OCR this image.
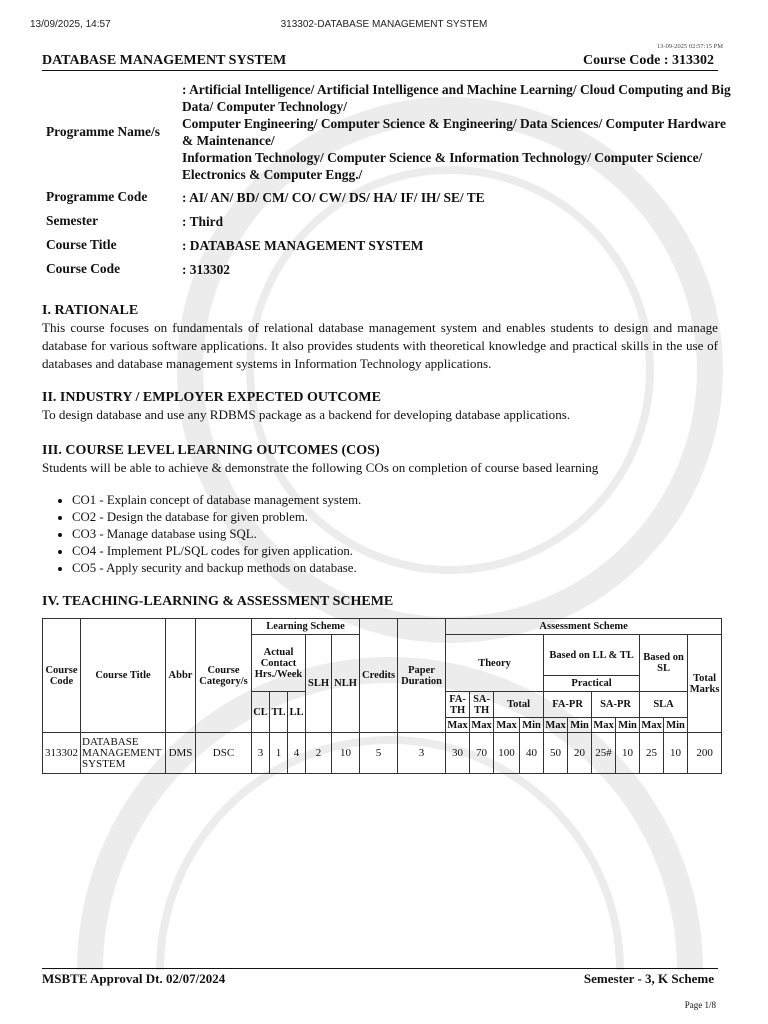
13/09/2025, 14:57	313302-DATABASE MANAGEMENT SYSTEM
13-09-2025 02:57:15 PM
DATABASE MANAGEMENT SYSTEM	Course Code : 313302
Programme Name/s
: Artificial Intelligence/ Artificial Intelligence and Machine Learning/ Cloud Computing and Big Data/ Computer Technology/
Computer Engineering/ Computer Science & Engineering/ Data Sciences/ Computer Hardware & Maintenance/
Information Technology/ Computer Science & Information Technology/ Computer Science/ Electronics & Computer Engg./
Programme Code	: AI/ AN/ BD/ CM/ CO/ CW/ DS/ HA/ IF/ IH/ SE/ TE
Semester	: Third
Course Title	: DATABASE MANAGEMENT SYSTEM
Course Code	: 313302
I. RATIONALE
This course focuses on fundamentals of relational database management system and enables students to design and manage database for various software applications. It also provides students with theoretical knowledge and practical skills in the use of databases and database management systems in Information Technology applications.
II. INDUSTRY / EMPLOYER EXPECTED OUTCOME
To design database and use any RDBMS package as a backend for developing database applications.
III. COURSE LEVEL LEARNING OUTCOMES (COS)
Students will be able to achieve & demonstrate the following COs on completion of course based learning
• CO1 - Explain concept of database management system.
• CO2 - Design the database for given problem.
• CO3 - Manage database using SQL.
• CO4 - Implement PL/SQL codes for given application.
• CO5 - Apply security and backup methods on database.
IV. TEACHING-LEARNING & ASSESSMENT SCHEME
Course Code	Course Title	Abbr	Course Category/s	Learning Scheme					Credits	Paper Duration	Assessment Scheme										
				Actual Contact Hrs./Week			SLH	NLH			Theory				Based on LL & TL				Based on SL		Total Marks
															Practical						
				CL	TL	LL					FA-TH	SA-TH	Total		FA-PR		SA-PR		SLA		
											Max	Max	Max	Min	Max	Min	Max	Min	Max	Min	
313302	DATABASE MANAGEMENT SYSTEM	DMS	DSC	3	1	4	2	10	5	3	30	70	100	40	50	20	25#	10	25	10	200
MSBTE Approval Dt. 02/07/2024	Semester - 3, K Scheme
Page 1/8
